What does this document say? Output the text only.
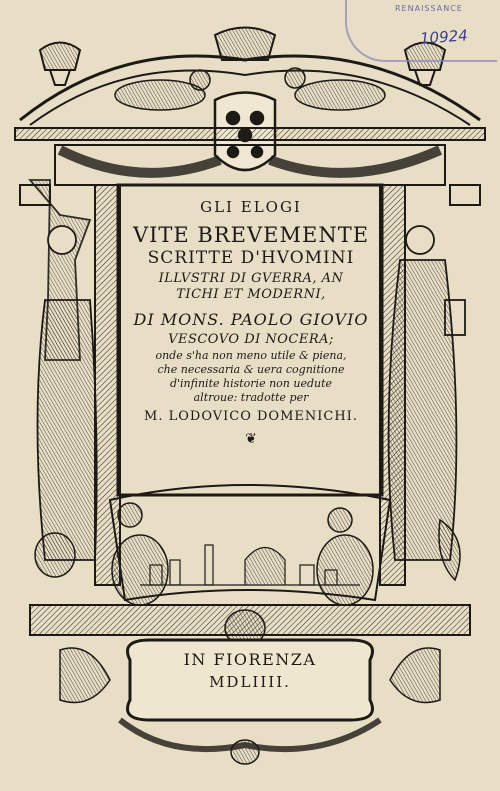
RENAISSANCE
10924
GLI ELOGI
VITE BREVEMENTE
SCRITTE D'HVOMINI
ILLVSTRI DI GVERRA, AN
TICHI ET MODERNI,
DI MONS. PAOLO GIOVIO
VESCOVO DI NOCERA;
onde s'ha non meno utile & piena,
che necessaria & uera cognitione
d'infinite historie non uedute
altroue: tradotte per
M. LODOVICO DOMENICHI.
❦
IN FIORENZA
MDLIIII.
